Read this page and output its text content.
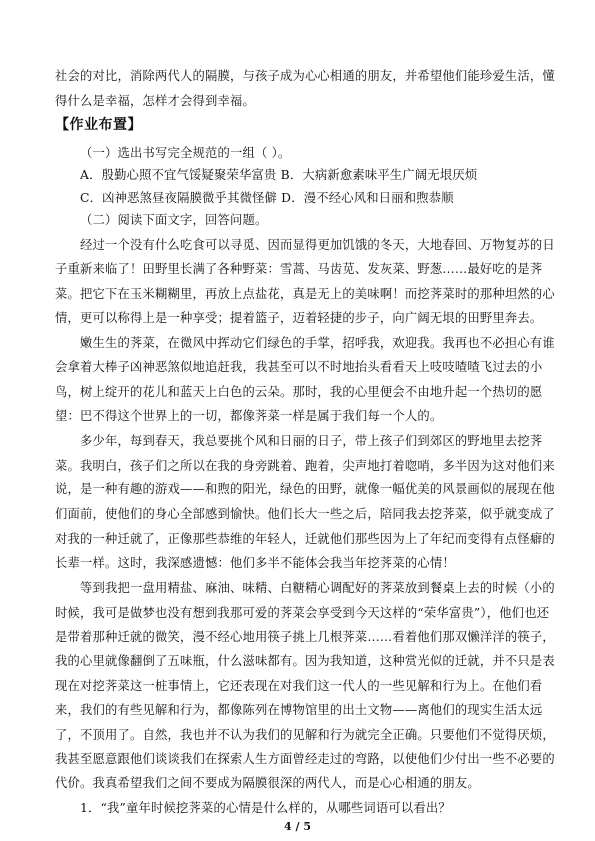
社会的对比，消除两代人的隔膜，与孩子成为心心相通的朋友，并希望他们能珍爱生活，懂
得什么是幸福，怎样才会得到幸福。
【作业布置】
（一）选出书写完全规范的一组（ ）。
A．殷勤心照不宜气馁疑聚荣华富贵 B．大病新愈素味平生广阔无垠厌烦
C．凶神恶煞昼夜隔膜微乎其微怪僻 D．漫不经心风和日丽和煦恭顺
（二）阅读下面文字，回答问题。
经过一个没有什么吃食可以寻觅、因而显得更加饥饿的冬天，大地春回、万物复苏的日
子重新来临了！田野里长满了各种野菜：雪蒿、马齿苋、发灰菜、野葱……最好吃的是荠
菜。把它下在玉米糊糊里，再放上点盐花，真是无上的美味啊！而挖荠菜时的那种坦然的心
情，更可以称得上是一种享受；提着篮子，迈着轻捷的步子，向广阔无垠的田野里奔去。
嫩生生的荠菜，在微风中挥动它们绿色的手掌，招呼我，欢迎我。我再也不必担心有谁
会拿着大棒子凶神恶煞似地追赶我，我甚至可以不时地抬头看看天上吱吱喳喳飞过去的小
鸟，树上绽开的花儿和蓝天上白色的云朵。那时，我的心里便会不由地升起一个热切的愿
望：巴不得这个世界上的一切，都像荠菜一样是属于我们每一个人的。
多少年，每到春天，我总要挑个风和日丽的日子，带上孩子们到郊区的野地里去挖荠
菜。我明白，孩子们之所以在我的身旁跳着、跑着，尖声地打着唿哨，多半因为这对他们来
说，是一种有趣的游戏——和煦的阳光，绿色的田野，就像一幅优美的风景画似的展现在他
们面前，使他们的身心全部感到愉快。他们长大一些之后，陪同我去挖荠菜，似乎就变成了
对我的一种迁就了，正像那些恭维的年轻人，迁就他们那些因为上了年纪而变得有点怪癖的
长辈一样。这时，我深感遗憾：他们多半不能体会我当年挖荠菜的心情！
等到我把一盘用精盐、麻油、味精、白糖精心调配好的荠菜放到餐桌上去的时候（小的
时候，我可是做梦也没有想到我那可爱的荠菜会享受到今天这样的“荣华富贵”），他们也还
是带着那种迁就的微笑，漫不经心地用筷子挑上几根荠菜……看着他们那双懒洋洋的筷子，
我的心里就像翻倒了五味瓶，什么滋味都有。因为我知道，这种赏光似的迁就，并不只是表
现在对挖荠菜这一桩事情上，它还表现在对我们这一代人的一些见解和行为上。在他们看
来，我们的有些见解和行为，都像陈列在博物馆里的出土文物——离他们的现实生活太远
了，不顶用了。自然，我也并不认为我们的见解和行为就完全正确。只要他们不觉得厌烦，
我甚至愿意跟他们谈谈我们在探索人生方面曾经走过的弯路，以使他们少付出一些不必要的
代价。我真希望我们之间不要成为隔膜很深的两代人，而是心心相通的朋友。
1．“我”童年时候挖荠菜的心情是什么样的，从哪些词语可以看出？
4 / 5
